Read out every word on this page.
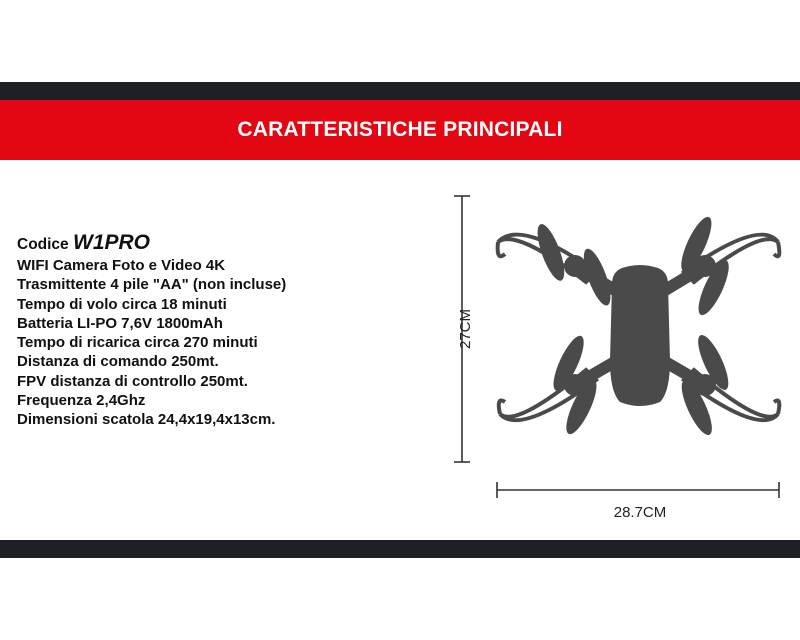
CARATTERISTICHE PRINCIPALI
Codice W1PRO
WIFI Camera Foto e Video 4K
Trasmittente 4 pile "AA" (non incluse)
Tempo di volo circa 18 minuti
Batteria LI-PO 7,6V 1800mAh
Tempo di ricarica circa 270 minuti
Distanza di comando 250mt.
FPV distanza di controllo 250mt.
Frequenza 2,4Ghz
Dimensioni scatola 24,4x19,4x13cm.
27CM
28.7CM
